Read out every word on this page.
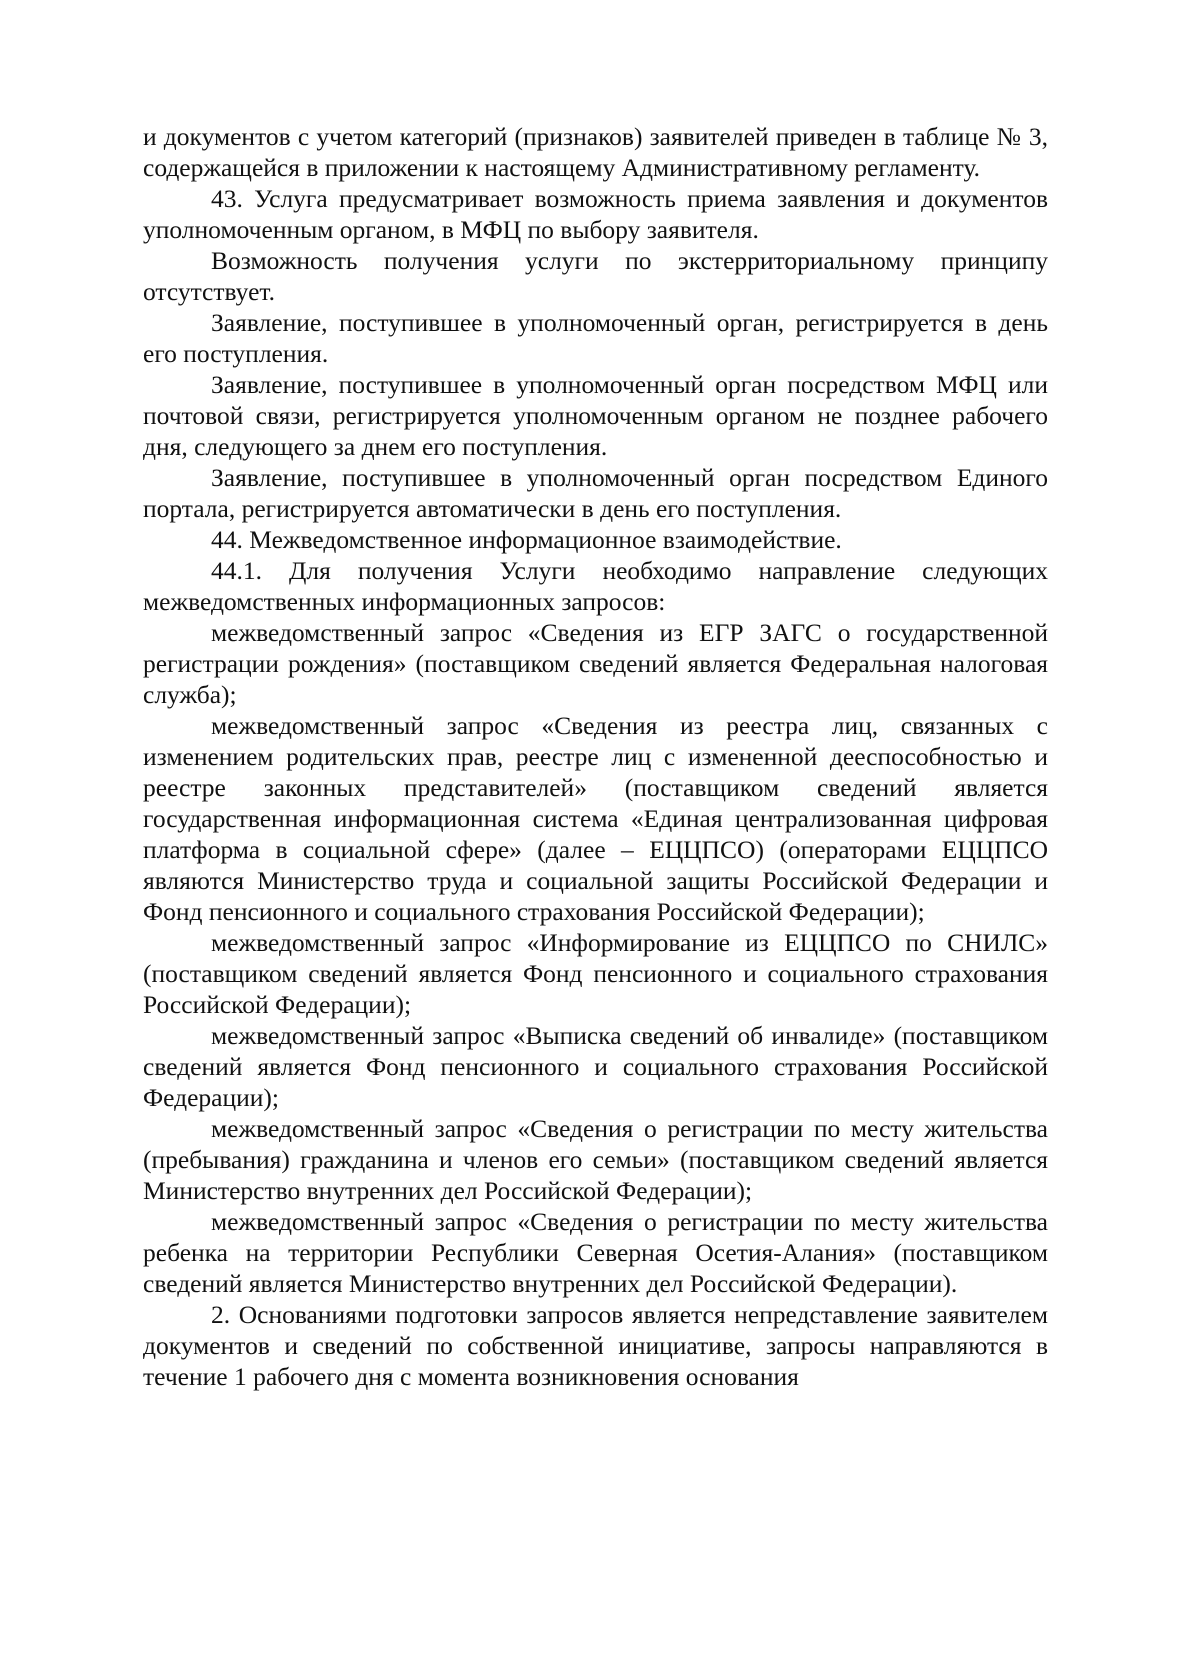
и документов с учетом категорий (признаков) заявителей приведен в таблице № 3, содержащейся в приложении к настоящему Административному регламенту.

43. Услуга предусматривает возможность приема заявления и документов уполномоченным органом, в МФЦ по выбору заявителя.

Возможность получения услуги по экстерриториальному принципу отсутствует.

Заявление, поступившее в уполномоченный орган, регистрируется в день его поступления.

Заявление, поступившее в уполномоченный орган посредством МФЦ или почтовой связи, регистрируется уполномоченным органом не позднее рабочего дня, следующего за днем его поступления.

Заявление, поступившее в уполномоченный орган посредством Единого портала, регистрируется автоматически в день его поступления.

44. Межведомственное информационное взаимодействие.

44.1. Для получения Услуги необходимо направление следующих межведомственных информационных запросов:

межведомственный запрос «Сведения из ЕГР ЗАГС о государственной регистрации рождения» (поставщиком сведений является Федеральная налоговая служба);

межведомственный запрос «Сведения из реестра лиц, связанных с изменением родительских прав, реестре лиц с измененной дееспособностью и реестре законных представителей» (поставщиком сведений является государственная информационная система «Единая централизованная цифровая платформа в социальной сфере» (далее – ЕЦЦПСО) (операторами ЕЦЦПСО являются Министерство труда и социальной защиты Российской Федерации и Фонд пенсионного и социального страхования Российской Федерации);

межведомственный запрос «Информирование из ЕЦЦПСО по СНИЛС» (поставщиком сведений является Фонд пенсионного и социального страхования Российской Федерации);

межведомственный запрос «Выписка сведений об инвалиде» (поставщиком сведений является Фонд пенсионного и социального страхования Российской Федерации);

межведомственный запрос «Сведения о регистрации по месту жительства (пребывания) гражданина и членов его семьи» (поставщиком сведений является Министерство внутренних дел Российской Федерации);

межведомственный запрос «Сведения о регистрации по месту жительства ребенка на территории Республики Северная Осетия-Алания» (поставщиком сведений является Министерство внутренних дел Российской Федерации).

2. Основаниями подготовки запросов является непредставление заявителем документов и сведений по собственной инициативе, запросы направляются в течение 1 рабочего дня с момента возникновения основания
